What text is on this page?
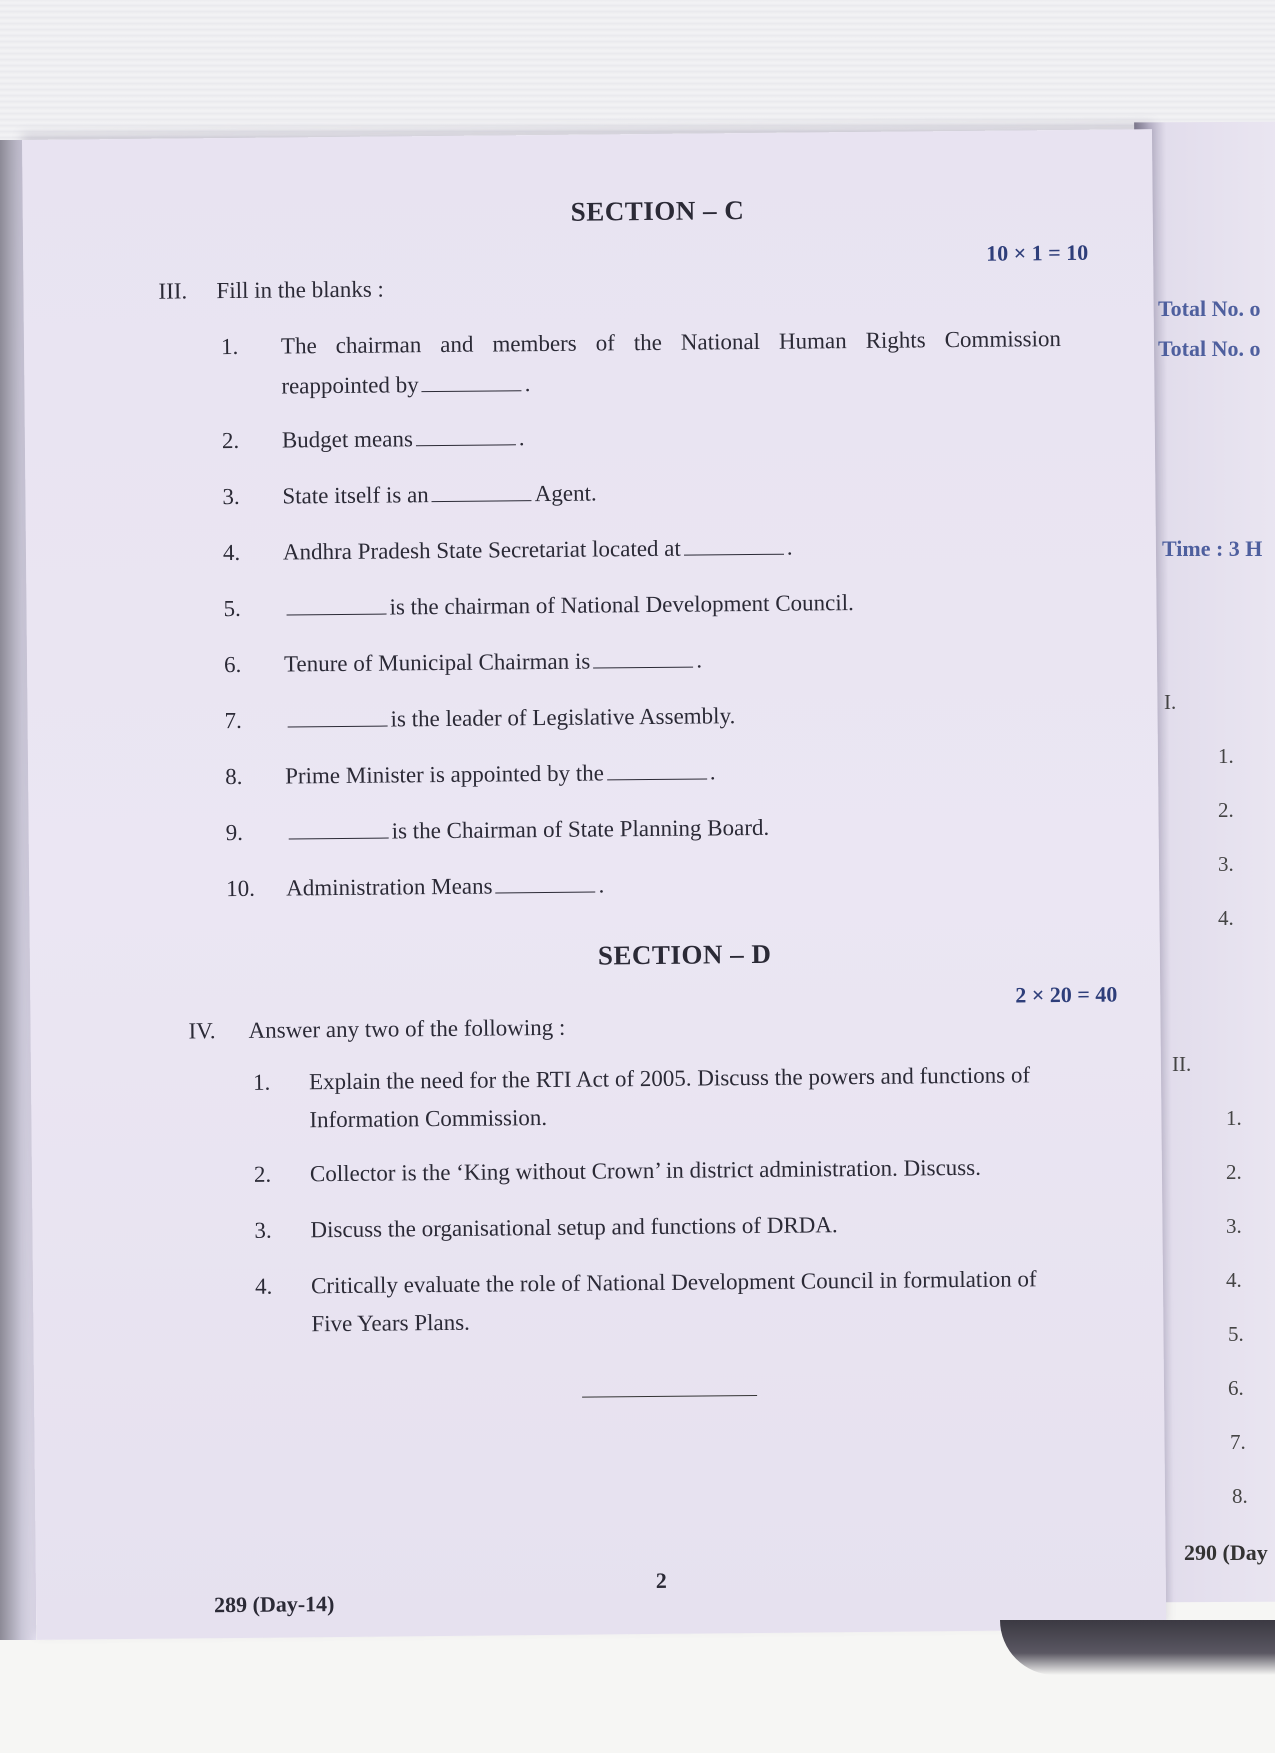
Total No. o
Total No. o
Time : 3 H
I.
1.
2.
3.
4.
II.
1.
2.
3.
4.
5.
6.
7.
8.
290 (Day
SECTION – C
10 × 1 = 10
III. Fill in the blanks :
1.	The chairman and members of the National Human Rights Commission
reappointed by	.
2.	Budget means	.
3.	State itself is an	Agent.
4.	Andhra Pradesh State Secretariat located at	.
5.	is the chairman of National Development Council.
6.	Tenure of Municipal Chairman is	.
7.	is the leader of Legislative Assembly.
8.	Prime Minister is appointed by the	.
9.	is the Chairman of State Planning Board.
10.	Administration Means	.
SECTION – D
2 × 20 = 40
IV. Answer any two of the following :
1.	Explain the need for the RTI Act of 2005. Discuss the powers and functions of
Information Commission.
2.	Collector is the ‘King without Crown’ in district administration. Discuss.
3.	Discuss the organisational setup and functions of DRDA.
4.	Critically evaluate the role of National Development Council in formulation of
Five Years Plans.
289 (Day-14)
2
